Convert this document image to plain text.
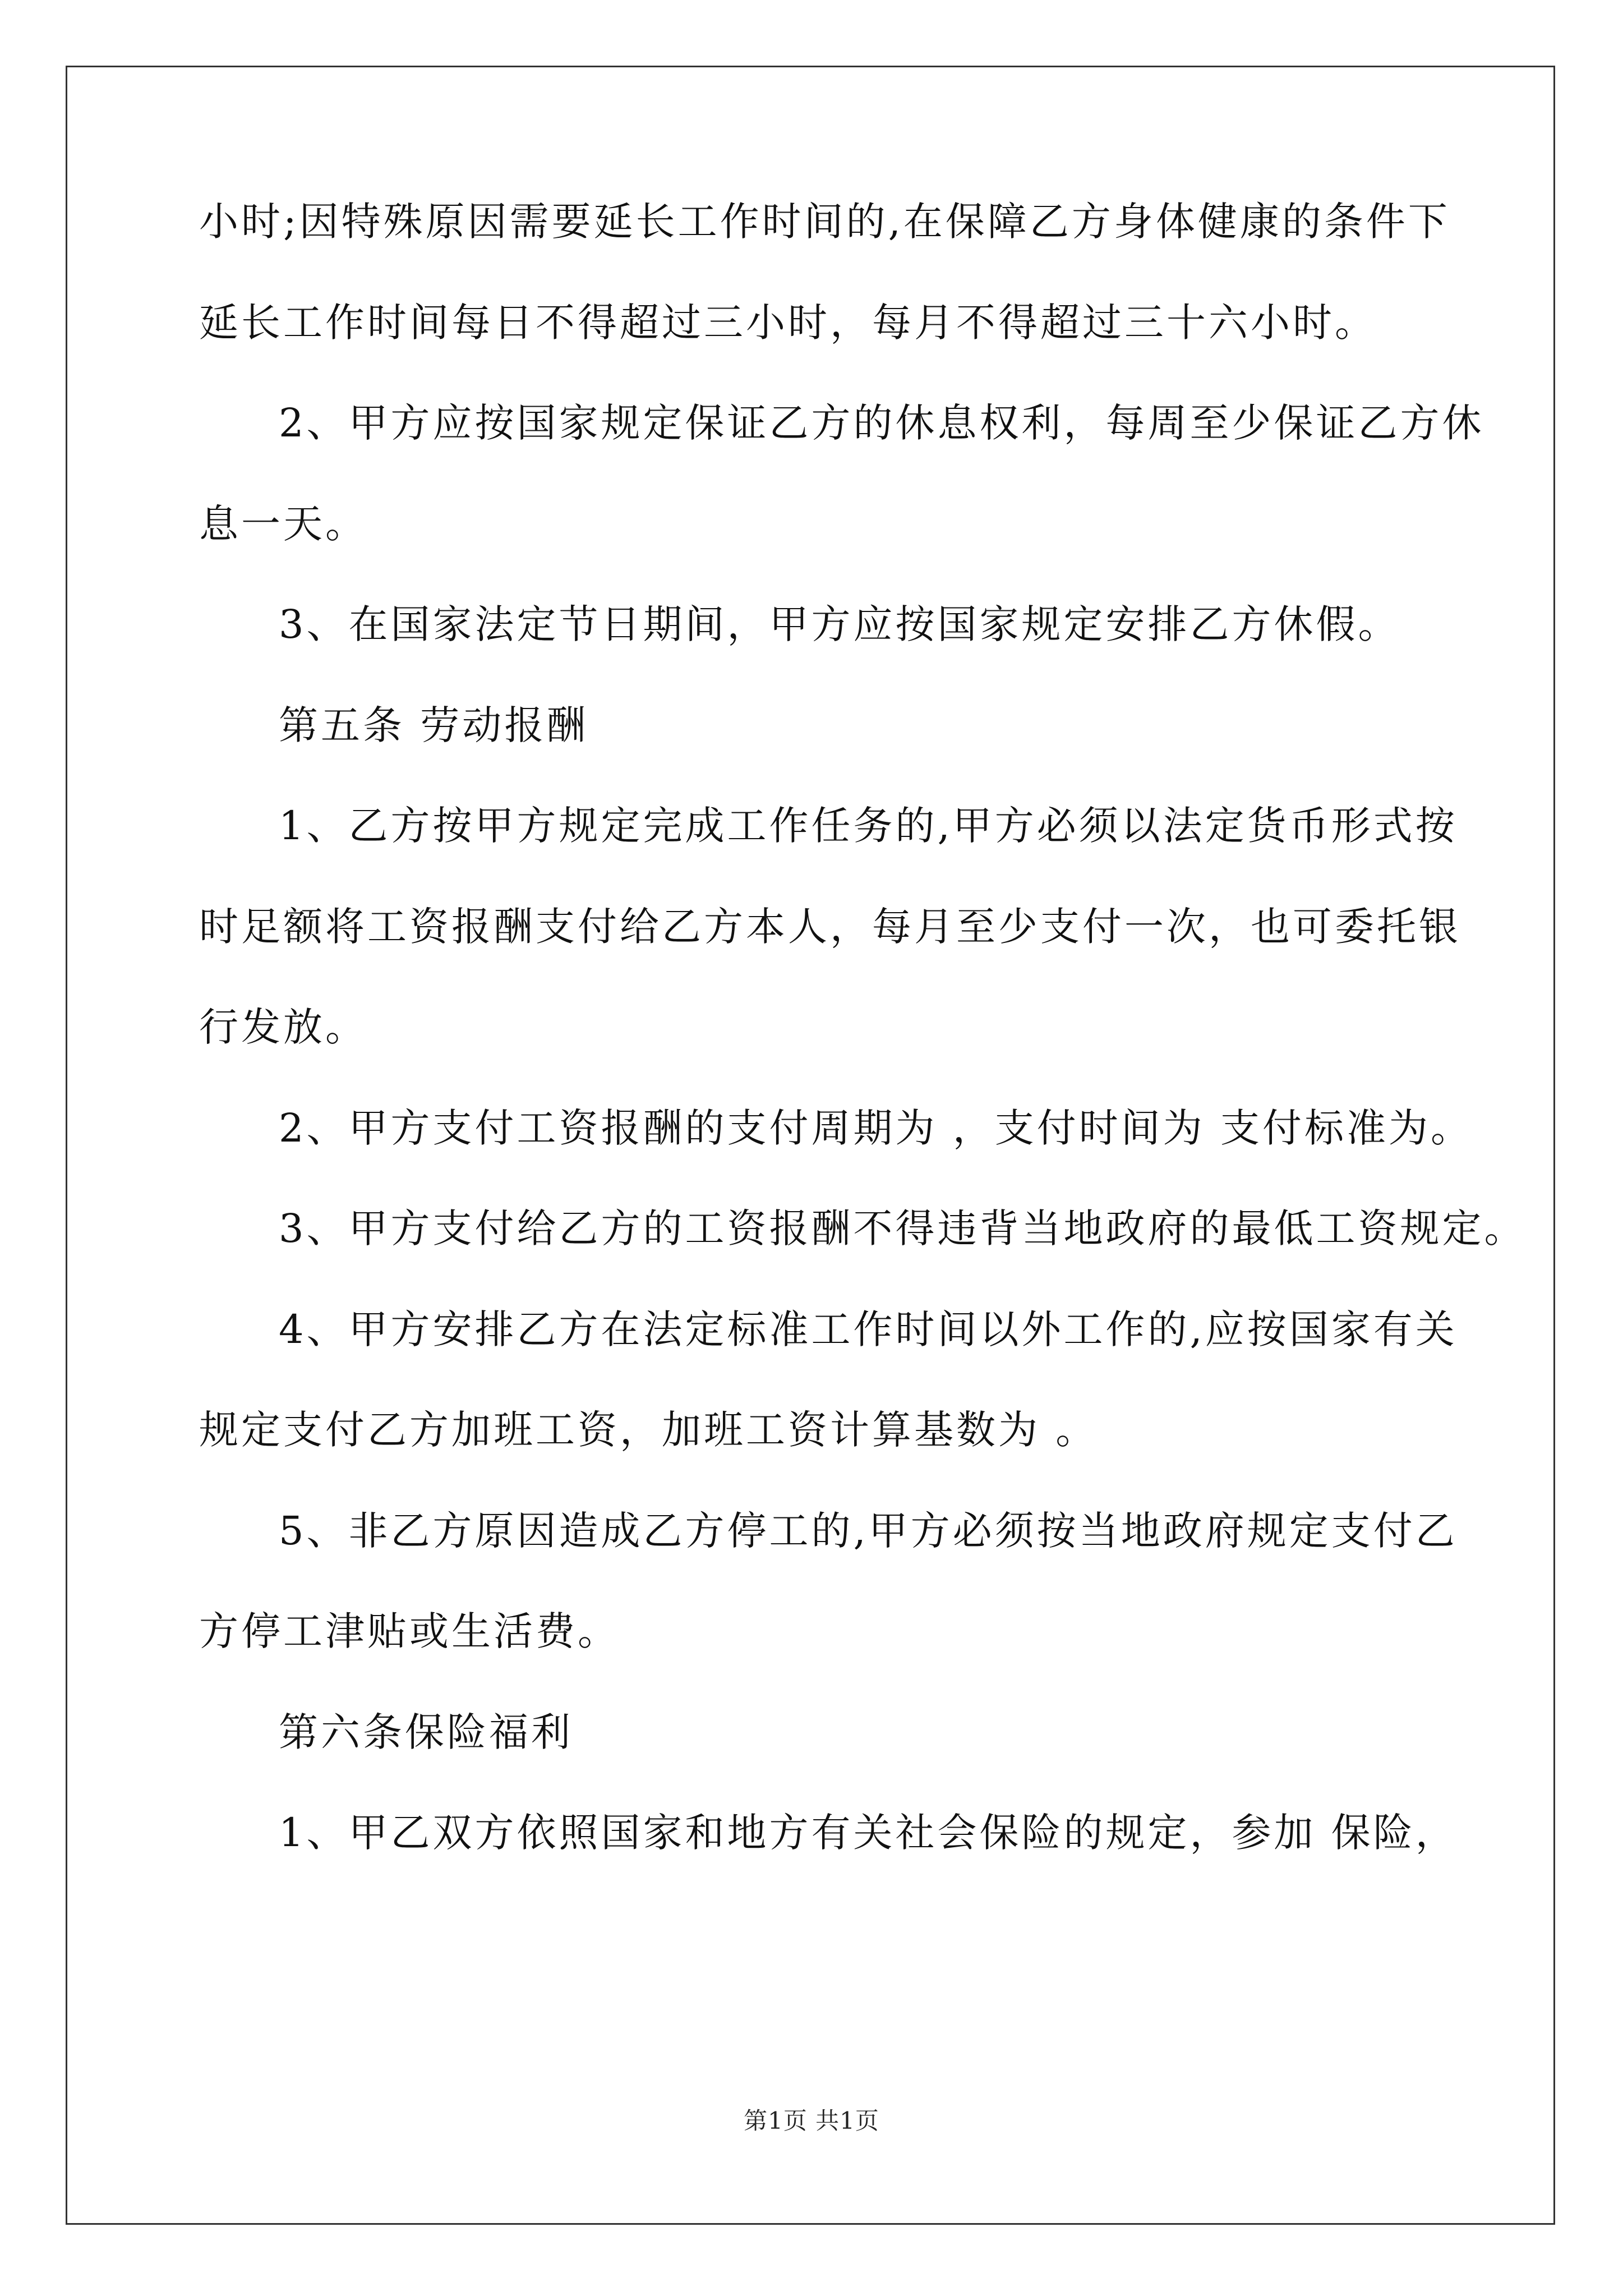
小时;因特殊原因需要延长工作时间的,在保障乙方身体健康的条件下
延长工作时间每日不得超过三小时，每月不得超过三十六小时。
2、甲方应按国家规定保证乙方的休息权利，每周至少保证乙方休
息一天。
3、在国家法定节日期间，甲方应按国家规定安排乙方休假。
第五条 劳动报酬
1、乙方按甲方规定完成工作任务的,甲方必须以法定货币形式按
时足额将工资报酬支付给乙方本人，每月至少支付一次，也可委托银
行发放。
2、甲方支付工资报酬的支付周期为 ，支付时间为 支付标准为。
3、甲方支付给乙方的工资报酬不得违背当地政府的最低工资规定。
4、甲方安排乙方在法定标准工作时间以外工作的,应按国家有关
规定支付乙方加班工资，加班工资计算基数为 。
5、非乙方原因造成乙方停工的,甲方必须按当地政府规定支付乙
方停工津贴或生活费。
第六条保险福利
1、甲乙双方依照国家和地方有关社会保险的规定，参加 保险，
第1页 共1页
